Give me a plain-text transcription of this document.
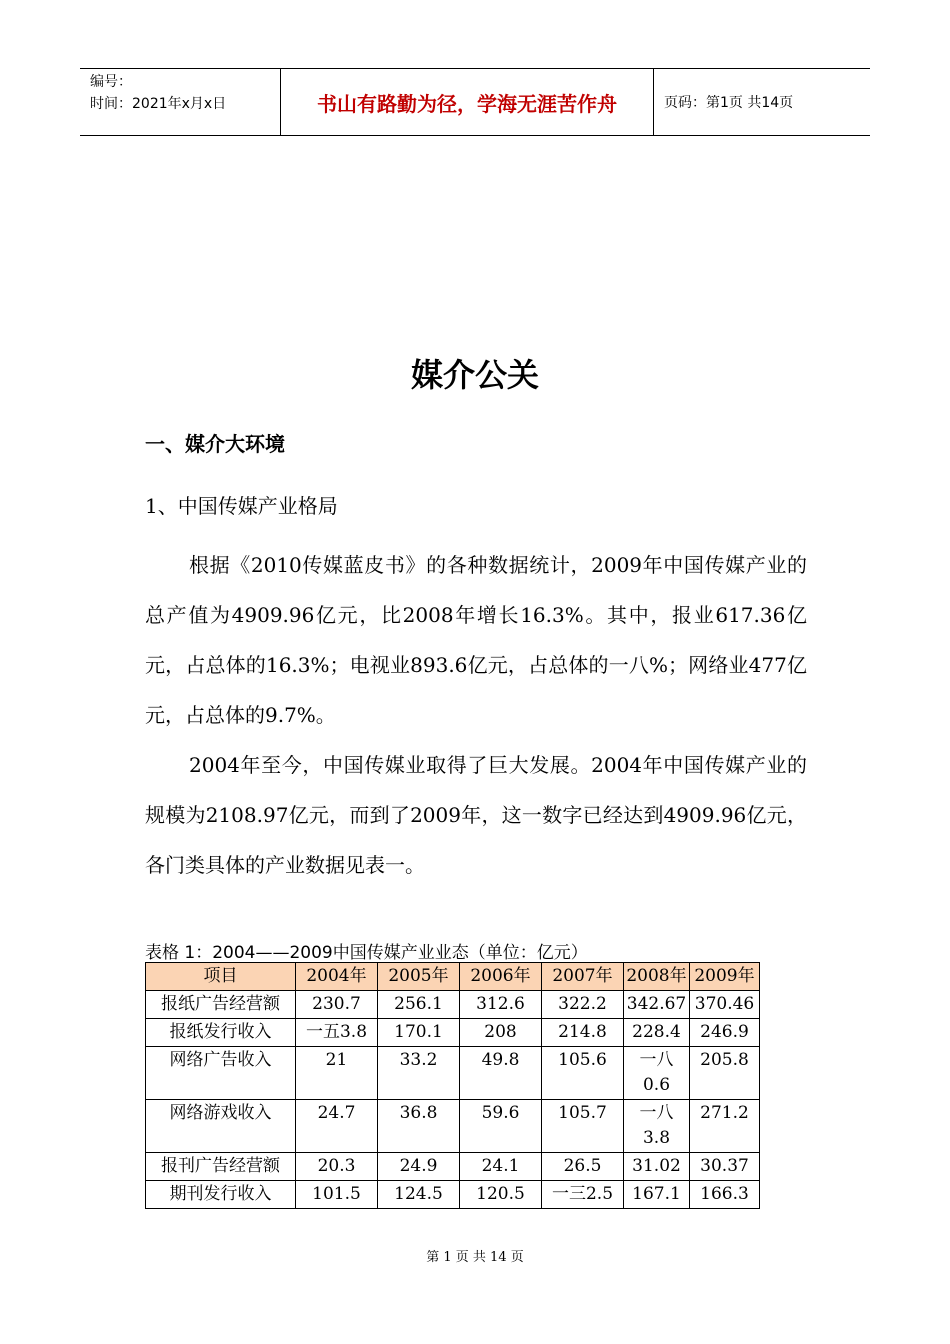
编号：
时间：2021年x月x日	书山有路勤为径，学海无涯苦作舟	页码：第1页 共14页
媒介公关
一、媒介大环境
1、中国传媒产业格局

根据《2010传媒蓝皮书》的各种数据统计，2009年中国传媒产业的总产值为4909.96亿元，比2008年增长16.3%。其中，报业617.36亿元，占总体的16.3%；电视业893.6亿元，占总体的一八%；网络业477亿元，占总体的9.7%。

2004年至今，中国传媒业取得了巨大发展。2004年中国传媒产业的规模为2108.97亿元，而到了2009年，这一数字已经达到4909.96亿元，各门类具体的产业数据见表一。

表格 1：2004——2009中国传媒产业业态（单位：亿元）
项目	2004年	2005年	2006年	2007年	2008年	2009年
报纸广告经营额	230.7	256.1	312.6	322.2	342.67	370.46
报纸发行收入	一五3.8	170.1	208	214.8	228.4	246.9
网络广告收入	21	33.2	49.8	105.6	一八0.6	205.8
网络游戏收入	24.7	36.8	59.6	105.7	一八3.8	271.2
报刊广告经营额	20.3	24.9	24.1	26.5	31.02	30.37
期刊发行收入	101.5	124.5	120.5	一三2.5	167.1	166.3
第 1 页 共 14 页
